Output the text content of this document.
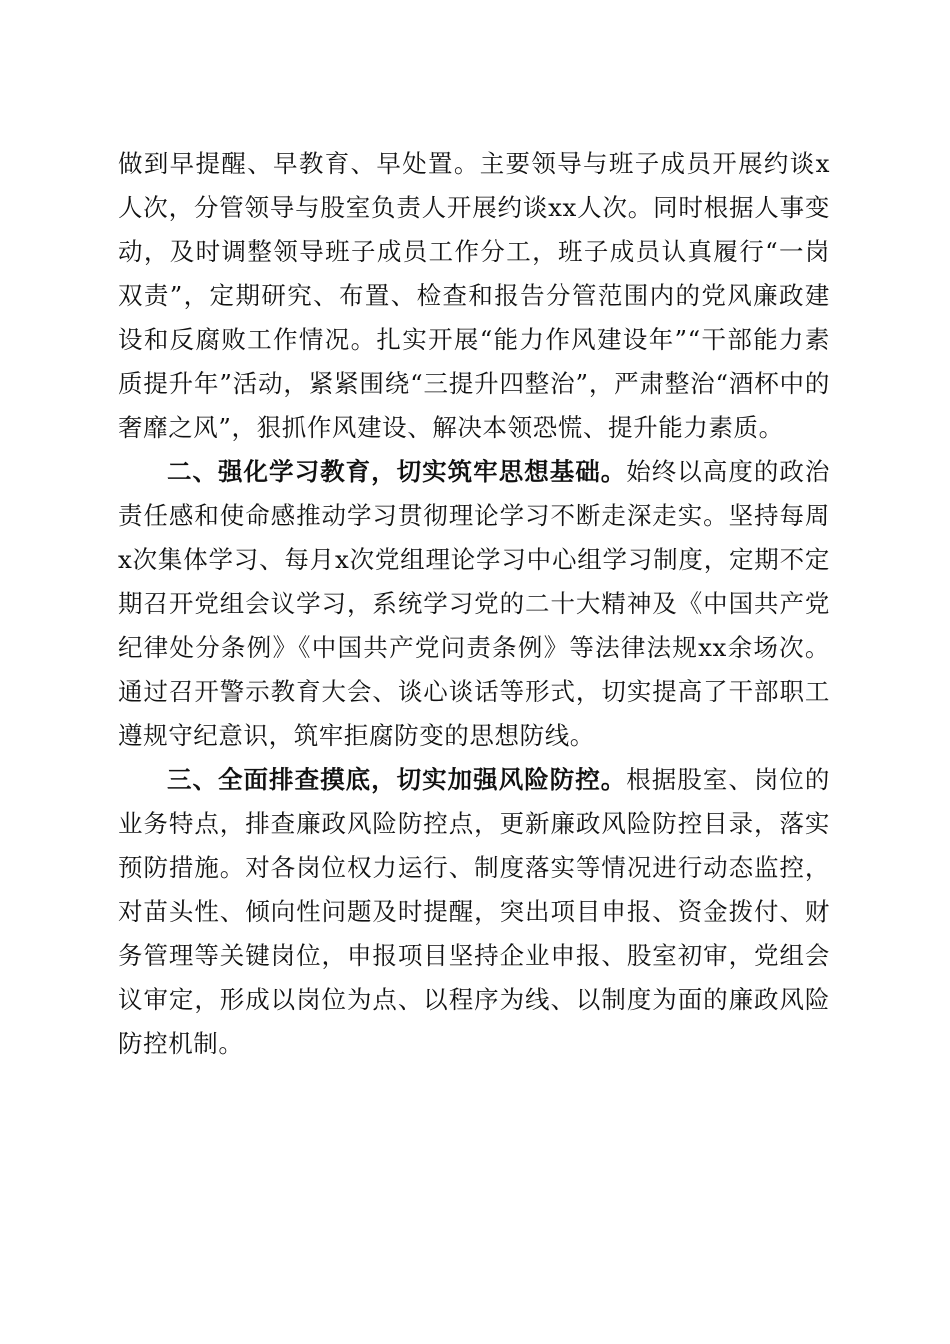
做到早提醒、早教育、早处置。主要领导与班子成员开展约谈x人次，分管领导与股室负责人开展约谈xx人次。同时根据人事变动，及时调整领导班子成员工作分工，班子成员认真履行“一岗双责”，定期研究、布置、检查和报告分管范围内的党风廉政建设和反腐败工作情况。扎实开展“能力作风建设年”“干部能力素质提升年”活动，紧紧围绕“三提升四整治”，严肃整治“酒杯中的奢靡之风”，狠抓作风建设、解决本领恐慌、提升能力素质。

二、强化学习教育，切实筑牢思想基础。始终以高度的政治责任感和使命感推动学习贯彻理论学习不断走深走实。坚持每周x次集体学习、每月x次党组理论学习中心组学习制度，定期不定期召开党组会议学习，系统学习党的二十大精神及《中国共产党纪律处分条例》《中国共产党问责条例》等法律法规xx余场次。通过召开警示教育大会、谈心谈话等形式，切实提高了干部职工遵规守纪意识，筑牢拒腐防变的思想防线。

三、全面排查摸底，切实加强风险防控。根据股室、岗位的业务特点，排查廉政风险防控点，更新廉政风险防控目录，落实预防措施。对各岗位权力运行、制度落实等情况进行动态监控，对苗头性、倾向性问题及时提醒，突出项目申报、资金拨付、财务管理等关键岗位，申报项目坚持企业申报、股室初审，党组会议审定，形成以岗位为点、以程序为线、以制度为面的廉政风险防控机制。
